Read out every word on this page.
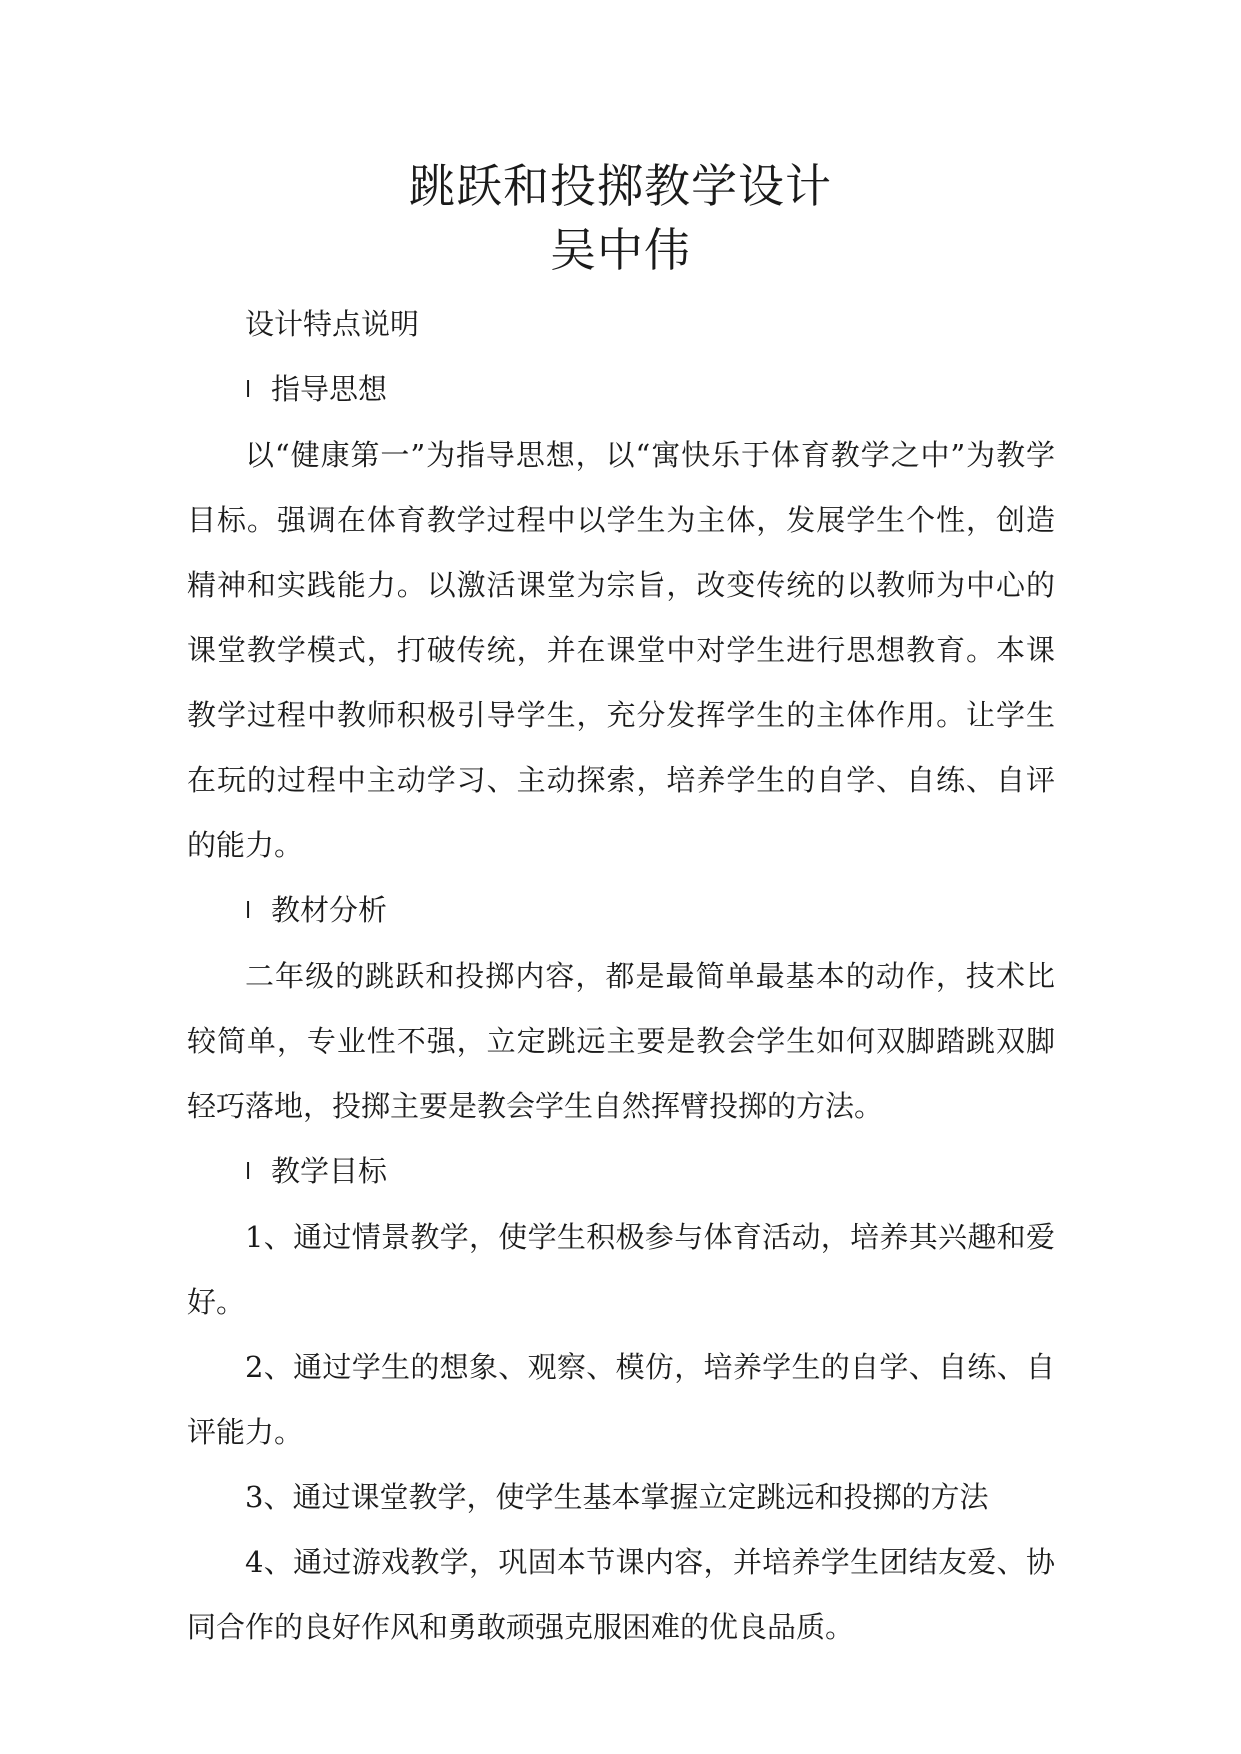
跳跃和投掷教学设计
吴中伟

设计特点说明

l 指导思想

以“健康第一”为指导思想，以“寓快乐于体育教学之中”为教学目标。强调在体育教学过程中以学生为主体，发展学生个性，创造精神和实践能力。以激活课堂为宗旨，改变传统的以教师为中心的课堂教学模式，打破传统，并在课堂中对学生进行思想教育。本课教学过程中教师积极引导学生，充分发挥学生的主体作用。让学生在玩的过程中主动学习、主动探索，培养学生的自学、自练、自评的能力。

l 教材分析

二年级的跳跃和投掷内容，都是最简单最基本的动作，技术比较简单，专业性不强，立定跳远主要是教会学生如何双脚踏跳双脚轻巧落地，投掷主要是教会学生自然挥臂投掷的方法。

l 教学目标

1、通过情景教学，使学生积极参与体育活动，培养其兴趣和爱好。

2、通过学生的想象、观察、模仿，培养学生的自学、自练、自评能力。

3、通过课堂教学，使学生基本掌握立定跳远和投掷的方法

4、通过游戏教学，巩固本节课内容，并培养学生团结友爱、协同合作的良好作风和勇敢顽强克服困难的优良品质。
